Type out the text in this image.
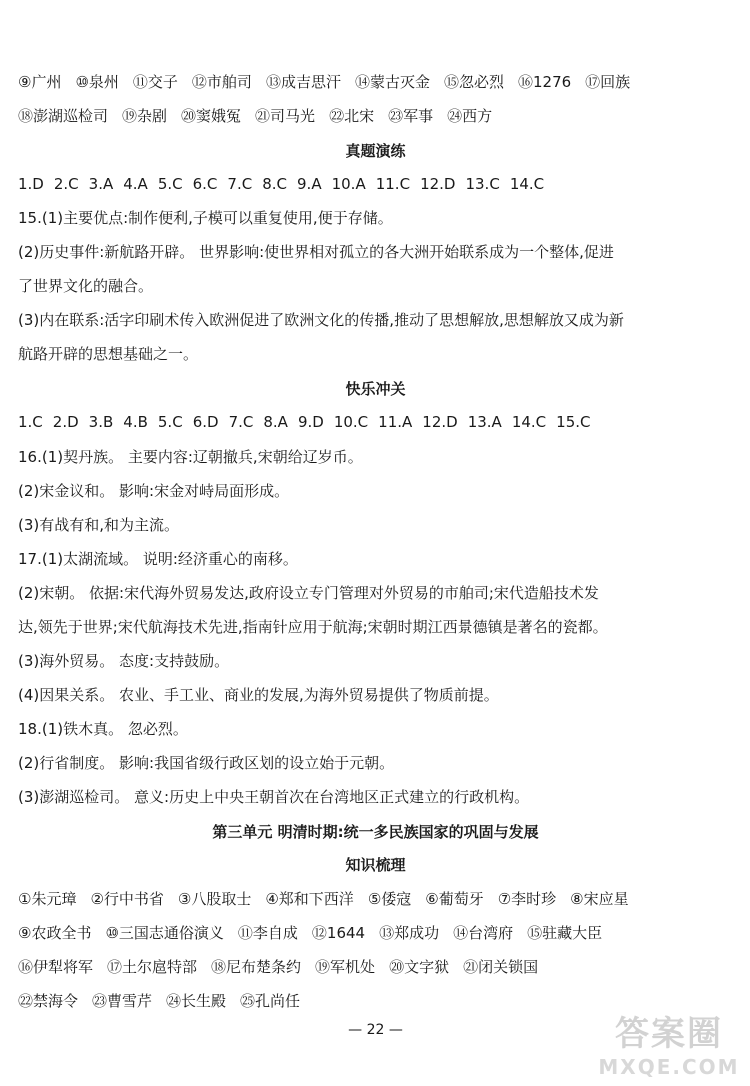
⑨广州 ⑩泉州 ⑪交子 ⑫市舶司 ⑬成吉思汗 ⑭蒙古灭金 ⑮忽必烈 ⑯1276 ⑰回族
⑱澎湖巡检司 ⑲杂剧 ⑳窦娥冤 ㉑司马光 ㉒北宋 ㉓军事 ㉔西方
真题演练
1.D 2.C 3.A 4.A 5.C 6.C 7.C 8.C 9.A 10.A 11.C 12.D 13.C 14.C
15.(1)主要优点:制作便利,子模可以重复使用,便于存储。
(2)历史事件:新航路开辟。 世界影响:使世界相对孤立的各大洲开始联系成为一个整体,促进
了世界文化的融合。
(3)内在联系:活字印刷术传入欧洲促进了欧洲文化的传播,推动了思想解放,思想解放又成为新
航路开辟的思想基础之一。
快乐冲关
1.C 2.D 3.B 4.B 5.C 6.D 7.C 8.A 9.D 10.C 11.A 12.D 13.A 14.C 15.C
16.(1)契丹族。 主要内容:辽朝撤兵,宋朝给辽岁币。
(2)宋金议和。 影响:宋金对峙局面形成。
(3)有战有和,和为主流。
17.(1)太湖流域。 说明:经济重心的南移。
(2)宋朝。 依据:宋代海外贸易发达,政府设立专门管理对外贸易的市舶司;宋代造船技术发
达,领先于世界;宋代航海技术先进,指南针应用于航海;宋朝时期江西景德镇是著名的瓷都。
(3)海外贸易。 态度:支持鼓励。
(4)因果关系。 农业、手工业、商业的发展,为海外贸易提供了物质前提。
18.(1)铁木真。 忽必烈。
(2)行省制度。 影响:我国省级行政区划的设立始于元朝。
(3)澎湖巡检司。 意义:历史上中央王朝首次在台湾地区正式建立的行政机构。
第三单元 明清时期:统一多民族国家的巩固与发展
知识梳理
①朱元璋 ②行中书省 ③八股取士 ④郑和下西洋 ⑤倭寇 ⑥葡萄牙 ⑦李时珍 ⑧宋应星
⑨农政全书 ⑩三国志通俗演义 ⑪李自成 ⑫1644 ⑬郑成功 ⑭台湾府 ⑮驻藏大臣
⑯伊犁将军 ⑰土尔扈特部 ⑱尼布楚条约 ⑲军机处 ⑳文字狱 ㉑闭关锁国
㉒禁海令 ㉓曹雪芹 ㉔长生殿 ㉕孔尚任
— 22 —	答案圈
MXQE.COM
